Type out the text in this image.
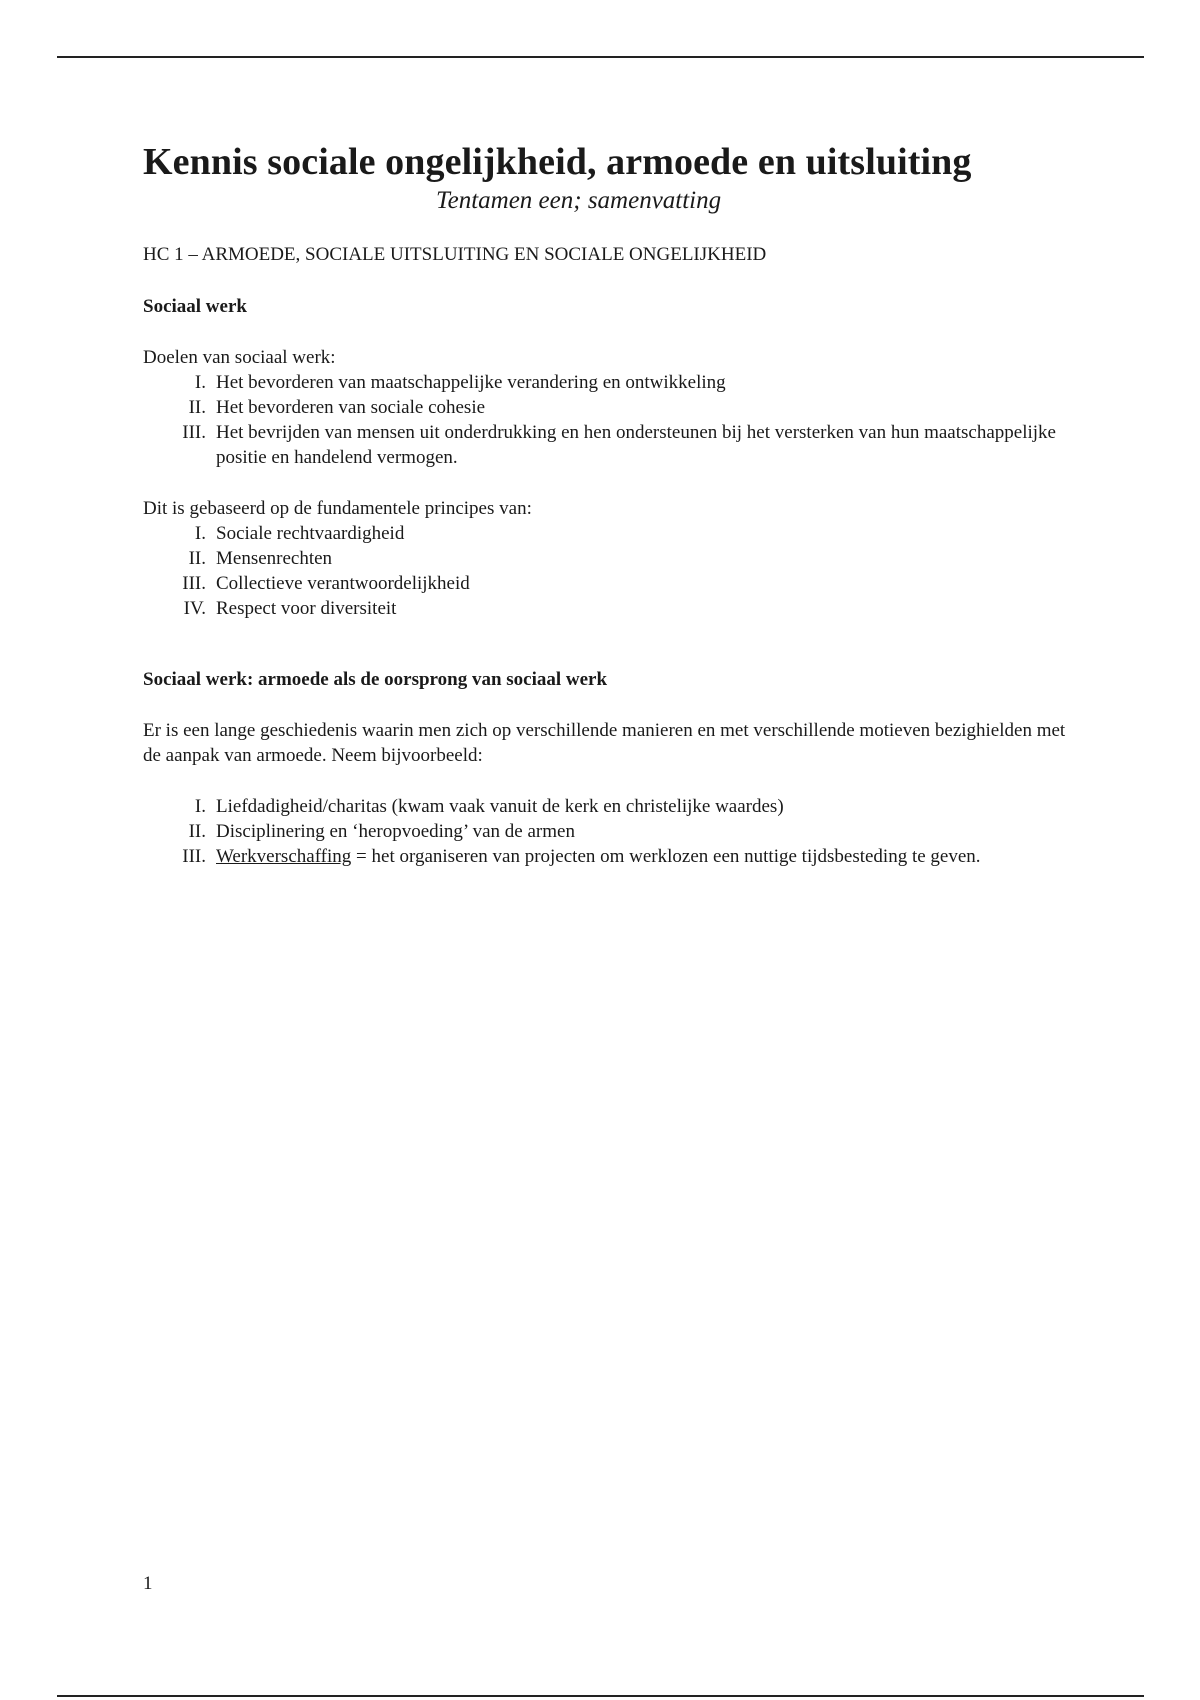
Kennis sociale ongelijkheid, armoede en uitsluiting

Tentamen een; samenvatting

HC 1 – ARMOEDE, SOCIALE UITSLUITING EN SOCIALE ONGELIJKHEID

Sociaal werk

Doelen van sociaal werk:

I. Het bevorderen van maatschappelijke verandering en ontwikkeling
II. Het bevorderen van sociale cohesie
III. Het bevrijden van mensen uit onderdrukking en hen ondersteunen bij het versterken van hun maatschappelijke positie en handelend vermogen.

Dit is gebaseerd op de fundamentele principes van:

I. Sociale rechtvaardigheid
II. Mensenrechten
III. Collectieve verantwoordelijkheid
IV. Respect voor diversiteit

Sociaal werk: armoede als de oorsprong van sociaal werk

Er is een lange geschiedenis waarin men zich op verschillende manieren en met verschillende motieven bezighielden met de aanpak van armoede. Neem bijvoorbeeld:

I. Liefdadigheid/charitas (kwam vaak vanuit de kerk en christelijke waardes)
II. Disciplinering en ‘heropvoeding’ van de armen
III. Werkverschaffing = het organiseren van projecten om werklozen een nuttige tijdsbesteding te geven.
1
